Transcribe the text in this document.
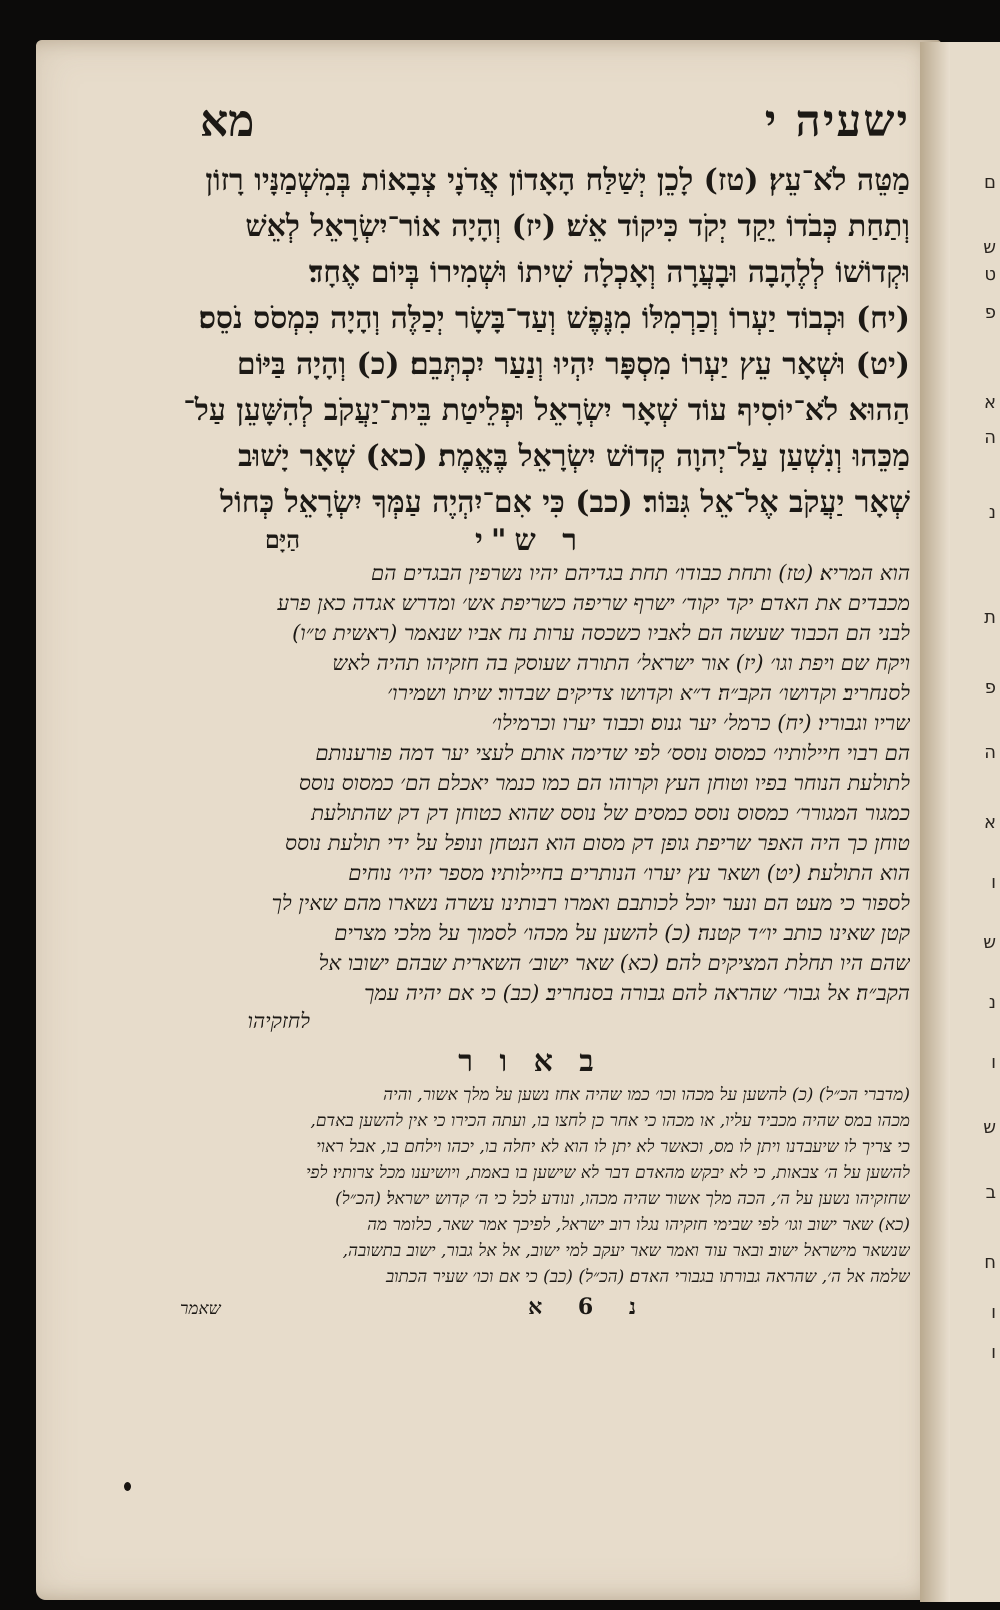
ם
ש
ט
פ
א
ה
נ
ת
פ
ה
א
ו
ש
נ
ו
ש
ב
ח
ו
ו
ישעיה י
מא
מַטֵּה לֹא־עֵץ׃ (טז) לָכֵן יְשַׁלַּח הָאָדוֹן אֲדֹנָי צְבָאוֹת בְּמִשְׁמַנָּיו רָזוֹן
וְתַחַת כְּבֹדוֹ יֵקַד יְקֹד כִּיקוֹד אֵשׁ׃ (יז) וְהָיָה אוֹר־יִשְׂרָאֵל לְאֵשׁ
וּקְדוֹשׁוֹ לְלֶהָבָה וּבָעֲרָה וְאָכְלָה שִׁיתוֹ וּשְׁמִירוֹ בְּיוֹם אֶחָד׃
(יח) וּכְבוֹד יַעְרוֹ וְכַרְמִלּוֹ מִנֶּפֶשׁ וְעַד־בָּשָׂר יְכַלֶּה וְהָיָה כִּמְסֹס נֹסֵס׃
(יט) וּשְׁאָר עֵץ יַעְרוֹ מִסְפָּר יִהְיוּ וְנַעַר יִכְתְּבֵם׃ (כ) וְהָיָה בַּיּוֹם
הַהוּא לֹא־יוֹסִיף עוֹד שְׁאָר יִשְׂרָאֵל וּפְלֵיטַת בֵּית־יַעֲקֹב לְהִשָּׁעֵן עַל־
מַכֵּהוּ וְנִשְׁעַן עַל־יְהוָה קְדוֹשׁ יִשְׂרָאֵל בֶּאֱמֶת׃ (כא) שְׁאָר יָשׁוּב
שְׁאָר יַעֲקֹב אֶל־אֵל גִּבּוֹר׃ (כב) כִּי אִם־יִהְיֶה עַמְּךָ יִשְׂרָאֵל כְּחוֹל
הַיָּם	ר ש"י
הוא המריא׃ (טז) ותחת כבודו׳ תחת בגדיהם יהיו נשרפין הבגדים הם
מכבדים את האדם׃ יקד יקוד׳ ישרף שריפה כשריפת אש׳ ומדרש אגדה כאן פרע
לבני הם הכבוד שעשה הם לאביו כשכסה ערות נח אביו שנאמר (ראשית ט״ו)
ויקח שם ויפת וגו׳ (יז) אור ישראל׳ התורה שעוסק בה חזקיהו תהיה לאש
לסנחריב׃ וקדושו׳ הקב״ה׃ ד״א וקדושו צדיקים שבדור׃ שיתו ושמירו׳
שריו וגבוריו׃ (יח) כרמל׳ יער גנוס׃ וכבוד יערו וכרמילו׳
הם רבוי חיילותיו׳ כמסוס נוסס׳ לפי שדימה אותם לעצי יער דמה פורענותם
לתולעת הנוחר בפיו וטוחן העץ וקרוהו הם כמו כנמר יאכלם הם׳ כמסוס נוסס
כמגור המגורר׳ כמסוס נוסס כמסים של נוסס שהוא כטוחן דק דק שהתולעת
טוחן כך היה האפר שריפת גופן דק מסום הוא הנטחן ונופל על ידי תולעת נוסס
הוא התולעת׃ (יט) ושאר עץ יערו׳ הנותרים בחיילותיו׃ מספר יהיו׳ נוחים
לספור כי מעט הם ונער יוכל לכותבם ואמרו רבותינו עשרה נשארו מהם שאין לך
קטן שאינו כותב יו״ד קטנה׃ (כ) להשען על מכהו׳ לסמוך על מלכי מצרים
שהם היו תחלת המציקים להם׃ (כא) שאר ישוב׳ השארית שבהם ישובו אל
הקב״ה׃ אל גבור׳ שהראה להם גבורה בסנחריב׃ (כב) כי אם יהיה עמך
לחזקיהו
ב א ו ר
(מדברי הכ״ל) (כ) להשען על מכהו וכו׳ כמו שהיה אחז נשען על מלך אשור, והיה
מכהו במס שהיה מכביד עליו, או מכהו כי אחר כן לחצו בו, ועתה הכירו כי אין להשען באדם,
כי צריך לו שיעבדנו ויתן לו מס, וכאשר לא יתן לו הוא לא יחלה בו, יכהו וילחם בו, אבל ראוי
להשען על ה׳ צבאות, כי לא יבקש מהאדם דבר לא שישען בו באמת, ויושיענו מכל צרותיו׃ לפי
שחזקיהו נשען על ה׳, הכה מלך אשור שהיה מכהו, ונודע לכל כי ה׳ קדוש ישראל׃ (הכ״ל)
(כא) שאר ישוב וגו׳ לפי שבימי חזקיהו נגלו רוב ישראל, לפיכך אמר שאר, כלומר מה
שנשאר מישראל ישוב׃ ובאר עוד ואמר שאר יעקב למי ישוב, אל אל גבור, ישוב בתשובה,
שלמה אל ה׳, שהראה גבורתו בגבורי האדם׃ (הכ״ל) (כב) כי אם וכו׳ שעיר הכתוב
נ 6 א
שאמר
